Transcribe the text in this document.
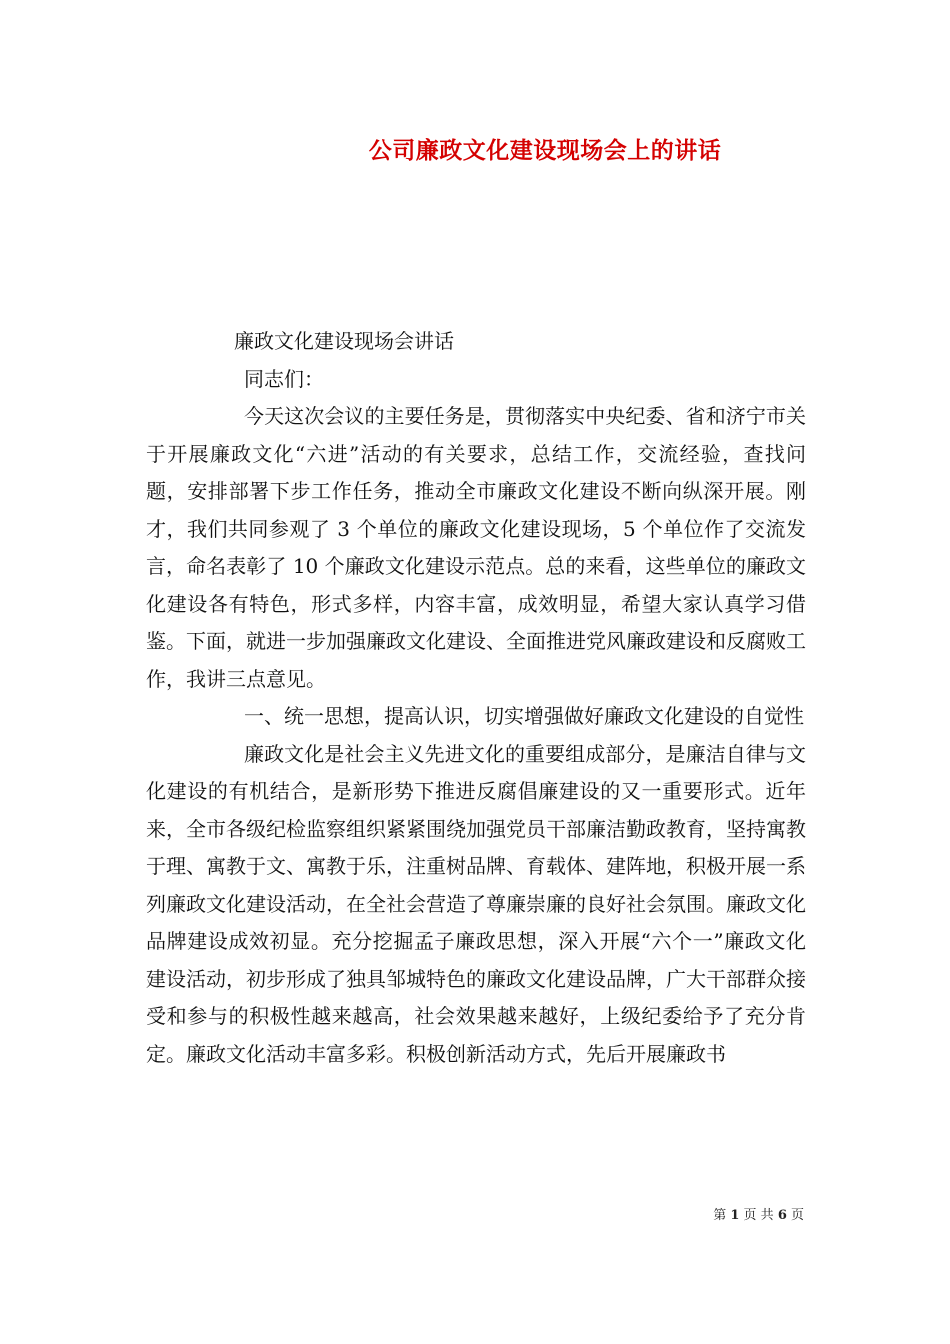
公司廉政文化建设现场会上的讲话

廉政文化建设现场会讲话

同志们：

今天这次会议的主要任务是，贯彻落实中央纪委、省和济宁市关于开展廉政文化“六进”活动的有关要求，总结工作，交流经验，查找问题，安排部署下步工作任务，推动全市廉政文化建设不断向纵深开展。刚才，我们共同参观了 3 个单位的廉政文化建设现场，5 个单位作了交流发言，命名表彰了 10 个廉政文化建设示范点。总的来看，这些单位的廉政文化建设各有特色，形式多样，内容丰富，成效明显，希望大家认真学习借鉴。下面，就进一步加强廉政文化建设、全面推进党风廉政建设和反腐败工作，我讲三点意见。

一、统一思想，提高认识，切实增强做好廉政文化建设的自觉性

廉政文化是社会主义先进文化的重要组成部分，是廉洁自律与文化建设的有机结合，是新形势下推进反腐倡廉建设的又一重要形式。近年来，全市各级纪检监察组织紧紧围绕加强党员干部廉洁勤政教育，坚持寓教于理、寓教于文、寓教于乐，注重树品牌、育载体、建阵地，积极开展一系列廉政文化建设活动，在全社会营造了尊廉崇廉的良好社会氛围。廉政文化品牌建设成效初显。充分挖掘孟子廉政思想，深入开展“六个一”廉政文化建设活动，初步形成了独具邹城特色的廉政文化建设品牌，广大干部群众接受和参与的积极性越来越高，社会效果越来越好，上级纪委给予了充分肯定。廉政文化活动丰富多彩。积极创新活动方式，先后开展廉政书

第 1 页 共 6 页
